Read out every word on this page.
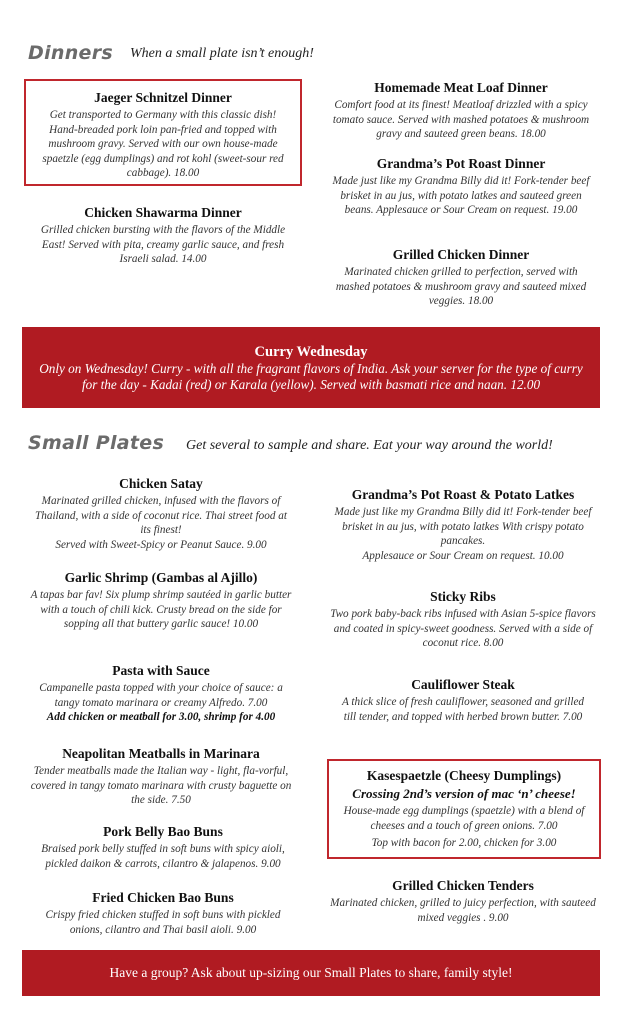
Dinners When a small plate isn’t enough!
Jaeger Schnitzel Dinner
Get transported to Germany with this classic dish! Hand-breaded pork loin pan-fried and topped with mushroom gravy. Served with our own house-made spaetzle (egg dumplings) and rot kohl (sweet-sour red cabbage). 18.00
Chicken Shawarma Dinner
Grilled chicken bursting with the flavors of the Middle East! Served with pita, creamy garlic sauce, and fresh Israeli salad. 14.00
Homemade Meat Loaf Dinner
Comfort food at its finest! Meatloaf drizzled with a spicy tomato sauce. Served with mashed potatoes & mushroom gravy and sauteed green beans. 18.00
Grandma’s Pot Roast Dinner
Made just like my Grandma Billy did it! Fork-tender beef brisket in au jus, with potato latkes and sauteed green beans. Applesauce or Sour Cream on request. 19.00
Grilled Chicken Dinner
Marinated chicken grilled to perfection, served with mashed potatoes & mushroom gravy and sauteed mixed veggies. 18.00
Curry Wednesday
Only on Wednesday! Curry - with all the fragrant flavors of India. Ask your server for the type of curry for the day - Kadai (red) or Karala (yellow). Served with basmati rice and naan. 12.00
Small Plates Get several to sample and share. Eat your way around the world!
Chicken Satay
Marinated grilled chicken, infused with the flavors of Thailand, with a side of coconut rice. Thai street food at its finest!
Served with Sweet-Spicy or Peanut Sauce. 9.00
Garlic Shrimp (Gambas al Ajillo)
A tapas bar fav! Six plump shrimp sautéed in garlic butter with a touch of chili kick. Crusty bread on the side for sopping all that buttery garlic sauce! 10.00
Pasta with Sauce
Campanelle pasta topped with your choice of sauce: a tangy tomato marinara or creamy Alfredo. 7.00
Add chicken or meatball for 3.00, shrimp for 4.00
Neapolitan Meatballs in Marinara
Tender meatballs made the Italian way - light, fla-vorful, covered in tangy tomato marinara with crusty baguette on the side. 7.50
Pork Belly Bao Buns
Braised pork belly stuffed in soft buns with spicy aioli, pickled daikon & carrots, cilantro & jalapenos. 9.00
Fried Chicken Bao Buns
Crispy fried chicken stuffed in soft buns with pickled onions, cilantro and Thai basil aioli. 9.00
Grandma’s Pot Roast & Potato Latkes
Made just like my Grandma Billy did it! Fork-tender beef brisket in au jus, with potato latkes With crispy potato pancakes.
Applesauce or Sour Cream on request. 10.00
Sticky Ribs
Two pork baby-back ribs infused with Asian 5-spice flavors and coated in spicy-sweet goodness. Served with a side of coconut rice. 8.00
Cauliflower Steak
A thick slice of fresh cauliflower, seasoned and grilled till tender, and topped with herbed brown butter. 7.00
Kasespaetzle (Cheesy Dumplings)
Crossing 2nd’s version of mac ‘n’ cheese!
House-made egg dumplings (spaetzle) with a blend of cheeses and a touch of green onions. 7.00
Top with bacon for 2.00, chicken for 3.00
Grilled Chicken Tenders
Marinated chicken, grilled to juicy perfection, with sauteed mixed veggies . 9.00
Have a group? Ask about up-sizing our Small Plates to share, family style!
